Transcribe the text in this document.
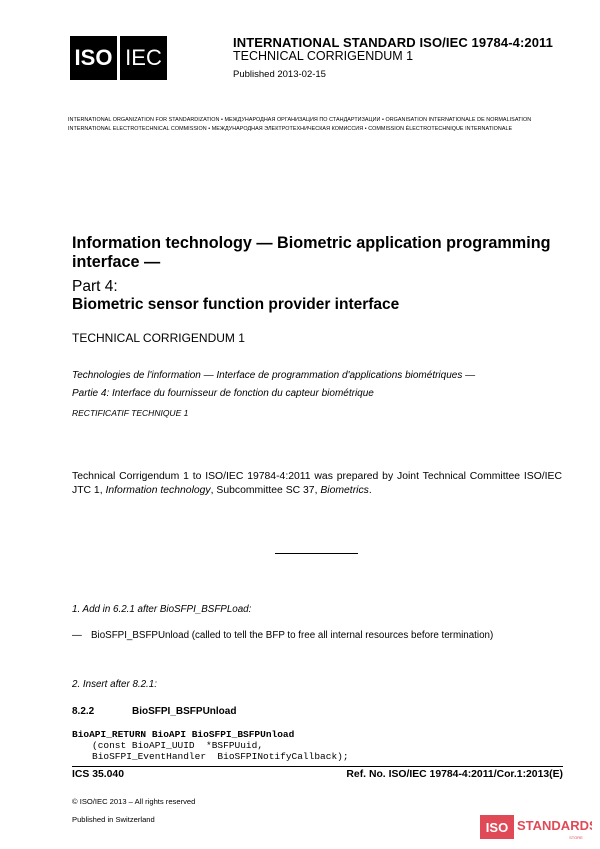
ISO IEC
INTERNATIONAL STANDARD ISO/IEC 19784-4:2011
TECHNICAL CORRIGENDUM 1
Published 2013-02-15
INTERNATIONAL ORGANIZATION FOR STANDARDIZATION • МЕЖДУНАРОДНАЯ ОРГАНИЗАЦИЯ ПО СТАНДАРТИЗАЦИИ • ORGANISATION INTERNATIONALE DE NORMALISATION
INTERNATIONAL ELECTROTECHNICAL COMMISSION • МЕЖДУНАРОДНАЯ ЭЛЕКТРОТЕХНИЧЕСКАЯ КОМИССИЯ • COMMISSION ÉLECTROTECHNIQUE INTERNATIONALE
Information technology — Biometric application programming interface —
Part 4:
Biometric sensor function provider interface
TECHNICAL CORRIGENDUM 1
Technologies de l'information — Interface de programmation d'applications biométriques —
Partie 4: Interface du fournisseur de fonction du capteur biométrique
RECTIFICATIF TECHNIQUE 1
Technical Corrigendum 1 to ISO/IEC 19784-4:2011 was prepared by Joint Technical Committee ISO/IEC JTC 1, Information technology, Subcommittee SC 37, Biometrics.
1. Add in 6.2.1 after BioSFPI_BSFPLoad:
— BioSFPI_BSFPUnload (called to tell the BFP to free all internal resources before termination)
2. Insert after 8.2.1:
8.2.2	BioSFPI_BSFPUnload
BioAPI_RETURN BioAPI BioSFPI_BSFPUnload
(const BioAPI_UUID  *BSFPUuid,
BioSFPI_EventHandler  BioSFPINotifyCallback);
ICS 35.040	Ref. No. ISO/IEC 19784-4:2011/Cor.1:2013(E)
© ISO/IEC 2013 – All rights reserved
Published in Switzerland
ISO STANDARDS
STORE
